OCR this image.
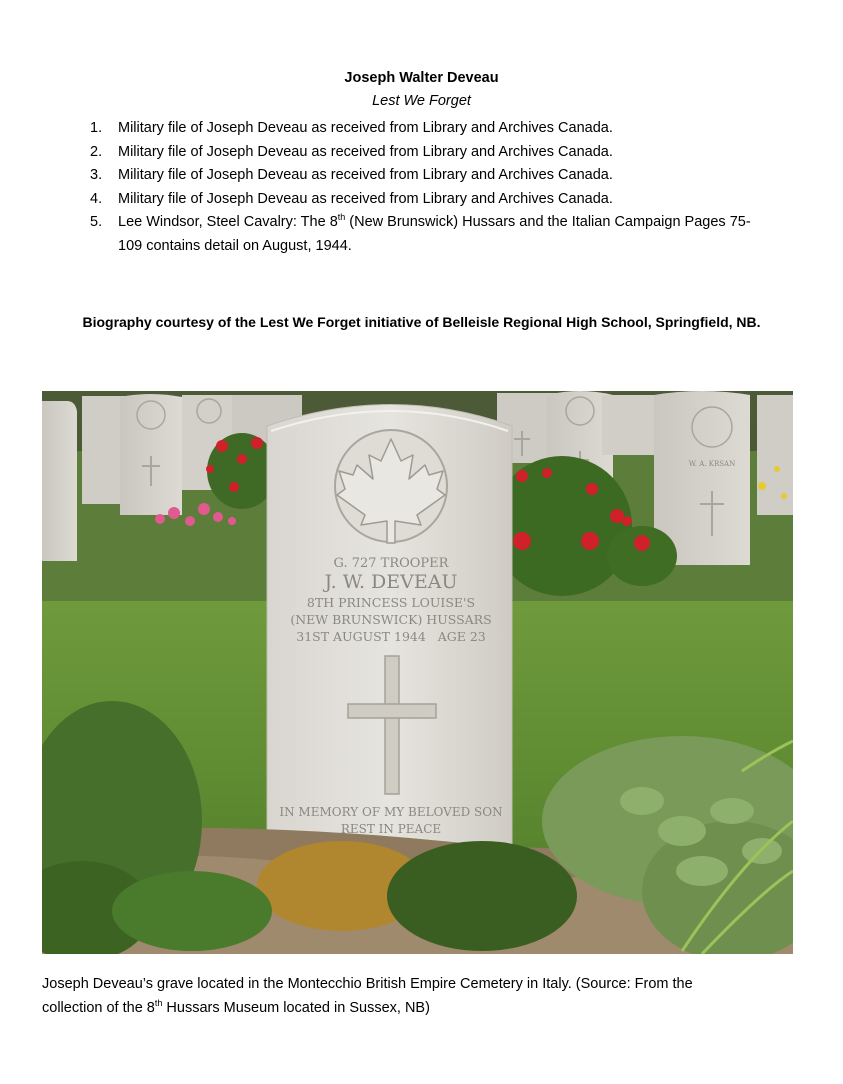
Joseph Walter Deveau
Lest We Forget
1. Military file of Joseph Deveau as received from Library and Archives Canada.
2. Military file of Joseph Deveau as received from Library and Archives Canada.
3. Military file of Joseph Deveau as received from Library and Archives Canada.
4. Military file of Joseph Deveau as received from Library and Archives Canada.
5. Lee Windsor, Steel Cavalry: The 8th (New Brunswick) Hussars and the Italian Campaign Pages 75-109 contains detail on August, 1944.
Biography courtesy of the Lest We Forget initiative of Belleisle Regional High School, Springfield, NB.
W. A. KRSAN
G. 727 TROOPER
J. W. DEVEAU
8TH PRINCESS LOUISE'S
(NEW BRUNSWICK) HUSSARS
31ST AUGUST 1944   AGE 23
IN MEMORY OF MY BELOVED SON
REST IN PEACE
Joseph Deveau’s grave located in the Montecchio British Empire Cemetery in Italy. (Source: From the
collection of the 8th Hussars Museum located in Sussex, NB)
